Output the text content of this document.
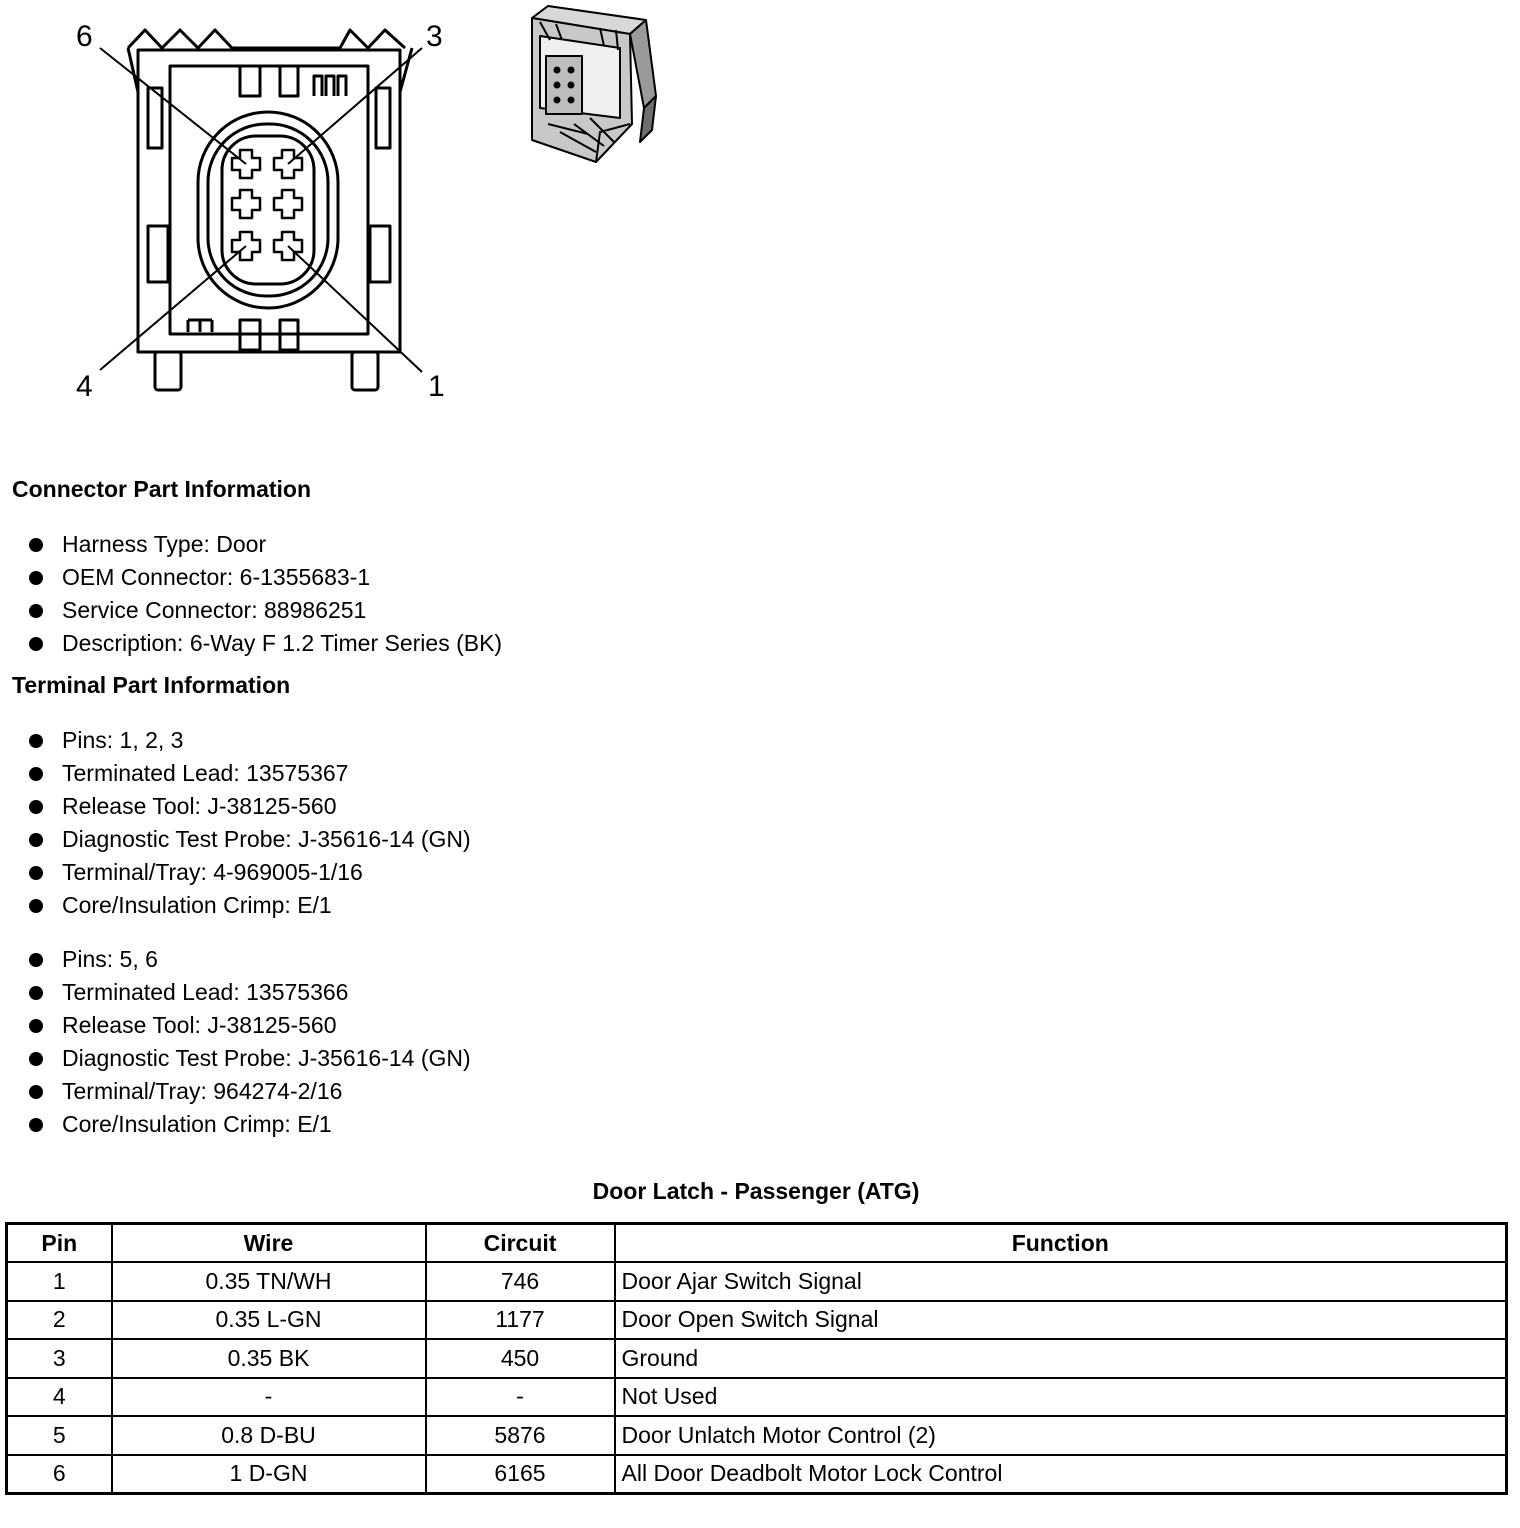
6	3
4	1
Connector Part Information
Harness Type: Door
OEM Connector: 6-1355683-1
Service Connector: 88986251
Description: 6-Way F 1.2 Timer Series (BK)
Terminal Part Information
Pins: 1, 2, 3
Terminated Lead: 13575367
Release Tool: J-38125-560
Diagnostic Test Probe: J-35616-14 (GN)
Terminal/Tray: 4-969005-1/16
Core/Insulation Crimp: E/1
Pins: 5, 6
Terminated Lead: 13575366
Release Tool: J-38125-560
Diagnostic Test Probe: J-35616-14 (GN)
Terminal/Tray: 964274-2/16
Core/Insulation Crimp: E/1
Door Latch - Passenger (ATG)
Pin	Wire	Circuit	Function
1	0.35 TN/WH	746	Door Ajar Switch Signal
2	0.35 L-GN	1177	Door Open Switch Signal
3	0.35 BK	450	Ground
4	-	-	Not Used
5	0.8 D-BU	5876	Door Unlatch Motor Control (2)
6	1 D-GN	6165	All Door Deadbolt Motor Lock Control
